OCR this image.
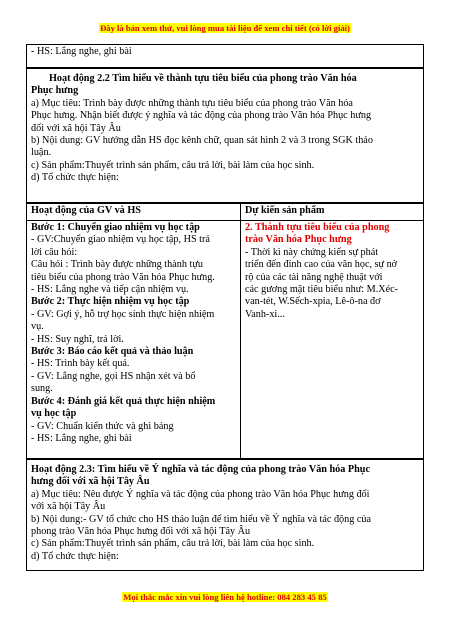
Đây là bản xem thử, vui lòng mua tài liệu để xem chi tiết (có lời giải)

- HS: Lắng nghe, ghi bài

Hoạt động 2.2 Tìm hiểu về thành tựu tiêu biểu của phong trào Văn hóa

Phục hưng

a) Mục tiêu: Trình bày được những thành tựu tiêu biểu của phong trào Văn hóa

Phục hưng. Nhận biết được ý nghĩa và tác động của phong trào Văn hóa Phục hưng

đối với xã hội Tây Âu

b) Nội dung: GV hướng dẫn HS đọc kênh chữ, quan sát hình 2 và 3 trong SGK thảo

luận.

c) Sản phẩm:Thuyết trình sản phẩm, câu trả lời, bài làm của học sinh.

d) Tổ chức thực hiện:

Hoạt động của GV và HS

Bước 1: Chuyển giao nhiệm vụ học tập

- GV:Chuyển giao nhiệm vụ học tập, HS trả

lời câu hỏi:

Câu hỏi : Trình bày được những thành tựu

tiêu biểu của phong trào Văn hóa Phục hưng.

- HS: Lắng nghe và tiếp cận nhiệm vụ.

Bước 2: Thực hiện nhiệm vụ học tập

- GV: Gợi ý, hỗ trợ học sinh thực hiện nhiệm

vụ.

- HS: Suy nghĩ, trả lời.

Bước 3: Báo cáo kết quả và thảo luận

- HS: Trình bày kết quả.

- GV: Lắng nghe, gọi HS nhận xét và bổ

sung.

Bước 4: Đánh giá kết quả thực hiện nhiệm

vụ học tập

- GV: Chuẩn kiến thức và ghi bảng

- HS: Lắng nghe, ghi bài

Dự kiến sản phẩm

2. Thành tựu tiêu biểu của phong

trào Văn hóa Phục hưng

- Thời kì này chứng kiến sự phát

triển đến đỉnh cao của văn học, sự nở

rộ của các tài năng nghệ thuật với

các gương mặt tiêu biểu như: M.Xéc-

van-tét, W.Sếch-xpia, Lê-ô-na đơ

Vanh-xi...

Hoạt động 2.3: Tìm hiểu về Ý nghĩa và tác động của phong trào Văn hóa Phục

hưng đối với xã hội Tây Âu

a) Mục tiêu: Nêu được Ý nghĩa và tác động của phong trào Văn hóa Phục hưng đối

với xã hội Tây Âu

b) Nội dung:- GV tổ chức cho HS thảo luận để tìm hiểu về Ý nghĩa và tác động của

phong trào Văn hóa Phục hưng đối với xã hội Tây Âu

c) Sản phẩm:Thuyết trình sản phẩm, câu trả lời, bài làm của học sinh.

d) Tổ chức thực hiện:

Mọi thắc mắc xin vui lòng liên hệ hotline: 084 283 45 85
